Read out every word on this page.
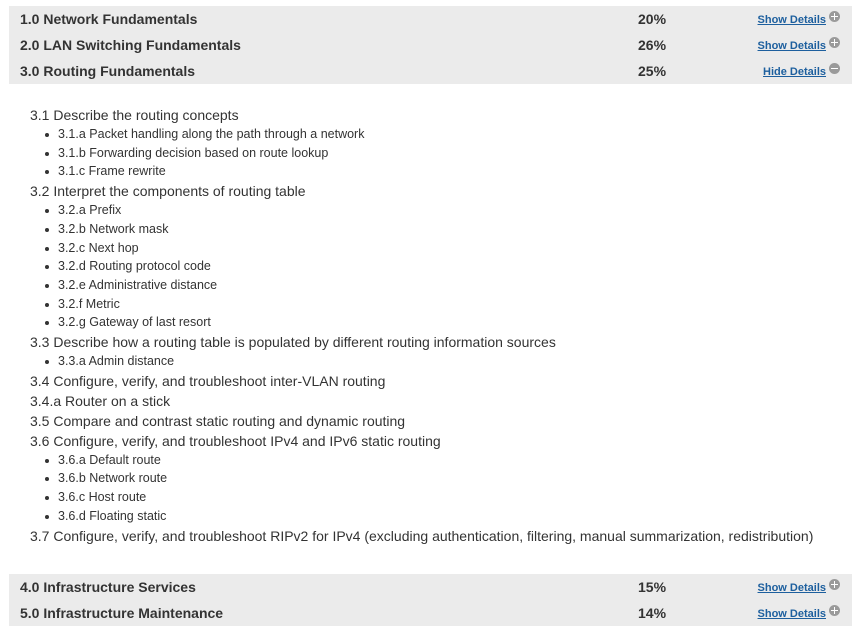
1.0 Network Fundamentals	20%	Show Details
2.0 LAN Switching Fundamentals	26%	Show Details
3.0 Routing Fundamentals	25%	Hide Details
3.1 Describe the routing concepts
3.1.a Packet handling along the path through a network
3.1.b Forwarding decision based on route lookup
3.1.c Frame rewrite
3.2 Interpret the components of routing table
3.2.a Prefix
3.2.b Network mask
3.2.c Next hop
3.2.d Routing protocol code
3.2.e Administrative distance
3.2.f Metric
3.2.g Gateway of last resort
3.3 Describe how a routing table is populated by different routing information sources
3.3.a Admin distance
3.4 Configure, verify, and troubleshoot inter-VLAN routing
3.4.a Router on a stick
3.5 Compare and contrast static routing and dynamic routing
3.6 Configure, verify, and troubleshoot IPv4 and IPv6 static routing
3.6.a Default route
3.6.b Network route
3.6.c Host route
3.6.d Floating static
3.7 Configure, verify, and troubleshoot RIPv2 for IPv4 (excluding authentication, filtering, manual summarization, redistribution)
4.0 Infrastructure Services	15%	Show Details
5.0 Infrastructure Maintenance	14%	Show Details
